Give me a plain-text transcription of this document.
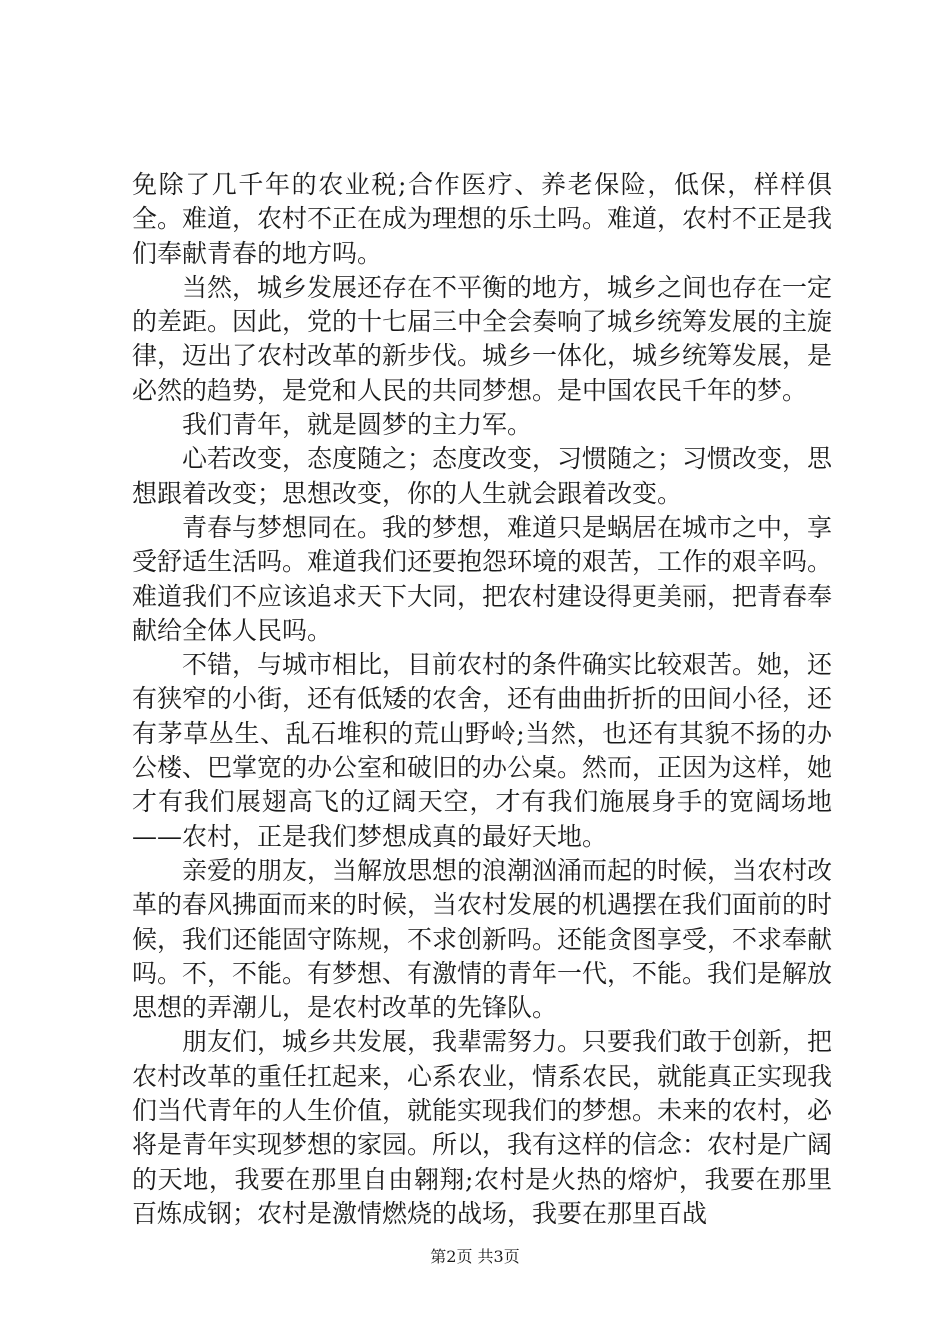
免除了几千年的农业税;合作医疗、养老保险，低保，样样俱全。难道，农村不正在成为理想的乐土吗。难道，农村不正是我们奉献青春的地方吗。

当然，城乡发展还存在不平衡的地方，城乡之间也存在一定的差距。因此，党的十七届三中全会奏响了城乡统筹发展的主旋律，迈出了农村改革的新步伐。城乡一体化，城乡统筹发展，是必然的趋势，是党和人民的共同梦想。是中国农民千年的梦。

我们青年，就是圆梦的主力军。

心若改变，态度随之；态度改变，习惯随之；习惯改变，思想跟着改变；思想改变，你的人生就会跟着改变。

青春与梦想同在。我的梦想，难道只是蜗居在城市之中，享受舒适生活吗。难道我们还要抱怨环境的艰苦，工作的艰辛吗。难道我们不应该追求天下大同，把农村建设得更美丽，把青春奉献给全体人民吗。

不错，与城市相比，目前农村的条件确实比较艰苦。她，还有狭窄的小街，还有低矮的农舍，还有曲曲折折的田间小径，还有茅草丛生、乱石堆积的荒山野岭;当然，也还有其貌不扬的办公楼、巴掌宽的办公室和破旧的办公桌。然而，正因为这样，她才有我们展翅高飞的辽阔天空，才有我们施展身手的宽阔场地——农村，正是我们梦想成真的最好天地。

亲爱的朋友，当解放思想的浪潮汹涌而起的时候，当农村改革的春风拂面而来的时候，当农村发展的机遇摆在我们面前的时候，我们还能固守陈规，不求创新吗。还能贪图享受，不求奉献吗。不，不能。有梦想、有激情的青年一代，不能。我们是解放思想的弄潮儿，是农村改革的先锋队。

朋友们，城乡共发展，我辈需努力。只要我们敢于创新，把农村改革的重任扛起来，心系农业，情系农民，就能真正实现我们当代青年的人生价值，就能实现我们的梦想。未来的农村，必将是青年实现梦想的家园。所以，我有这样的信念：农村是广阔的天地，我要在那里自由翱翔;农村是火热的熔炉，我要在那里百炼成钢；农村是激情燃烧的战场，我要在那里百战

第2页 共3页
